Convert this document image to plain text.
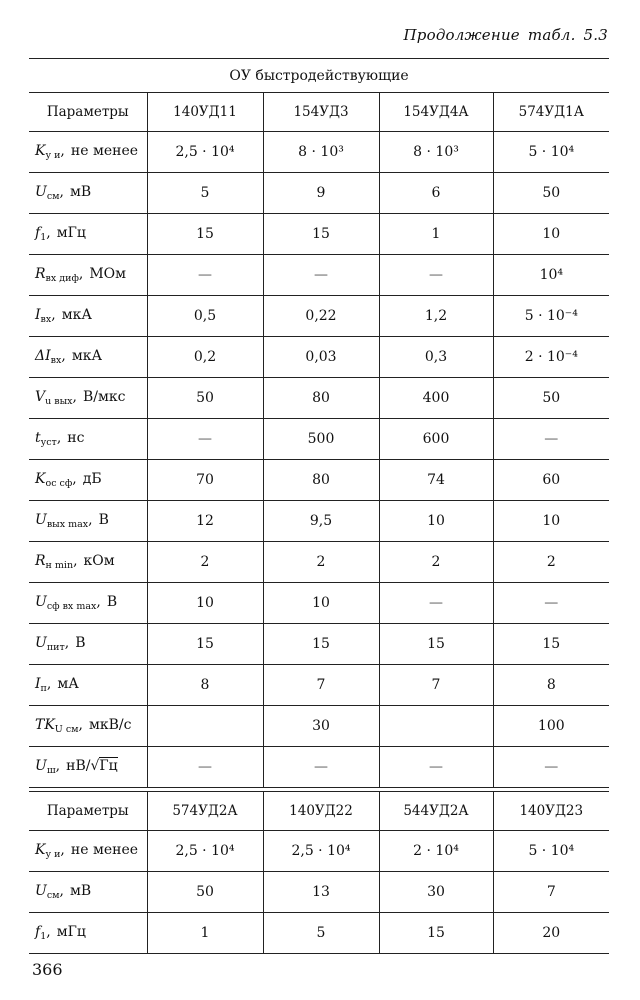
Продолжение табл. 5.3
ОУ быстродействующие				
Параметры	140УД11	154УД3	154УД4А	574УД1А
$K_{у и}$, не менее	2,5 · 10⁴	8 · 10³	8 · 10³	5 · 10⁴
$U_{см}$, мВ	5	9	6	50
$f_1$, мГц	15	15	1	10
$R_{вх диф}$, МОм	—	—	—	10⁴
$I_{вх}$, мкА	0,5	0,22	1,2	5 · 10⁻⁴
$\Delta I_{вх}$, мкА	0,2	0,03	0,3	2 · 10⁻⁴
$V_{u вых}$, В/мкс	50	80	400	50
$t_{уст}$, нс	—	500	600	—
$K_{ос сф}$, дБ	70	80	74	60
$U_{вых max}$, В	12	9,5	10	10
$R_{н min}$, кОм	2	2	2	2
$U_{сф вх max}$, В	10	10	—	—
$U_{пит}$, В	15	15	15	15
$I_п$, мА	8	7	7	8
$TK_{U см}$, мкВ/с		30		100
$U_ш$, нВ/√Гц	—	—	—	—

Параметры	574УД2А	140УД22	544УД2А	140УД23
$K_{у и}$, не менее	2,5 · 10⁴	2,5 · 10⁴	2 · 10⁴	5 · 10⁴
$U_{см}$, мВ	50	13	30	7
$f_1$, мГц	1	5	15	20
366
